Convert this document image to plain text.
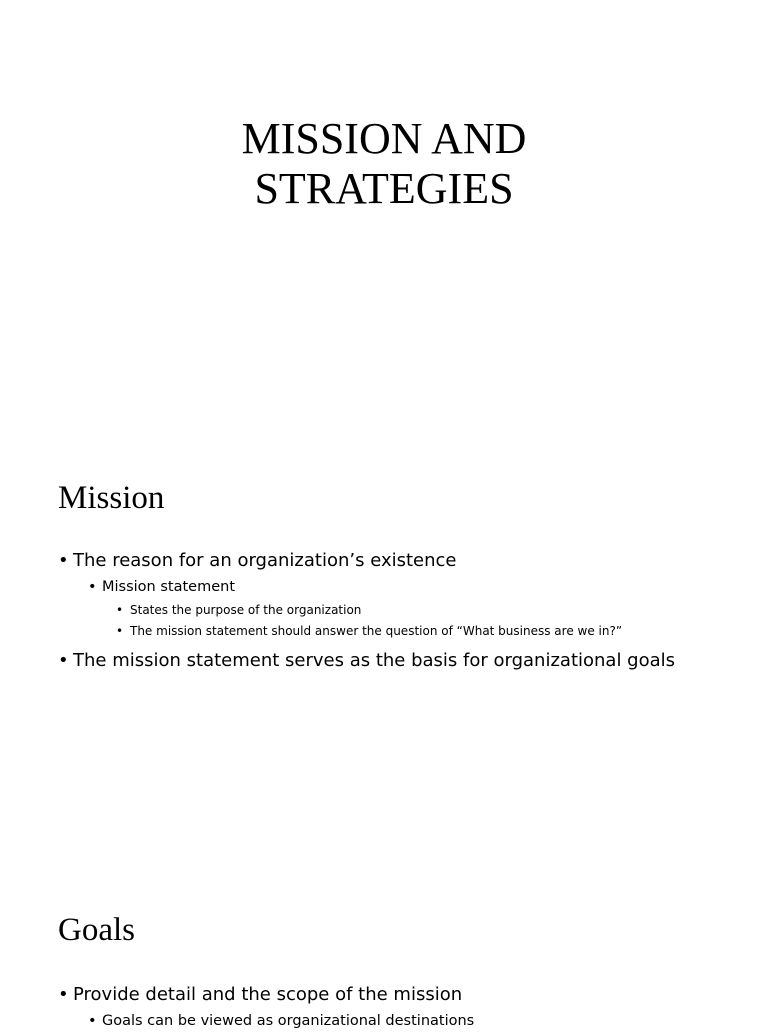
MISSION AND
STRATEGIES
Mission
• The reason for an organization’s existence
• Mission statement
• States the purpose of the organization
• The mission statement should answer the question of “What business are we in?”
• The mission statement serves as the basis for organizational goals
Goals
• Provide detail and the scope of the mission
• Goals can be viewed as organizational destinations
